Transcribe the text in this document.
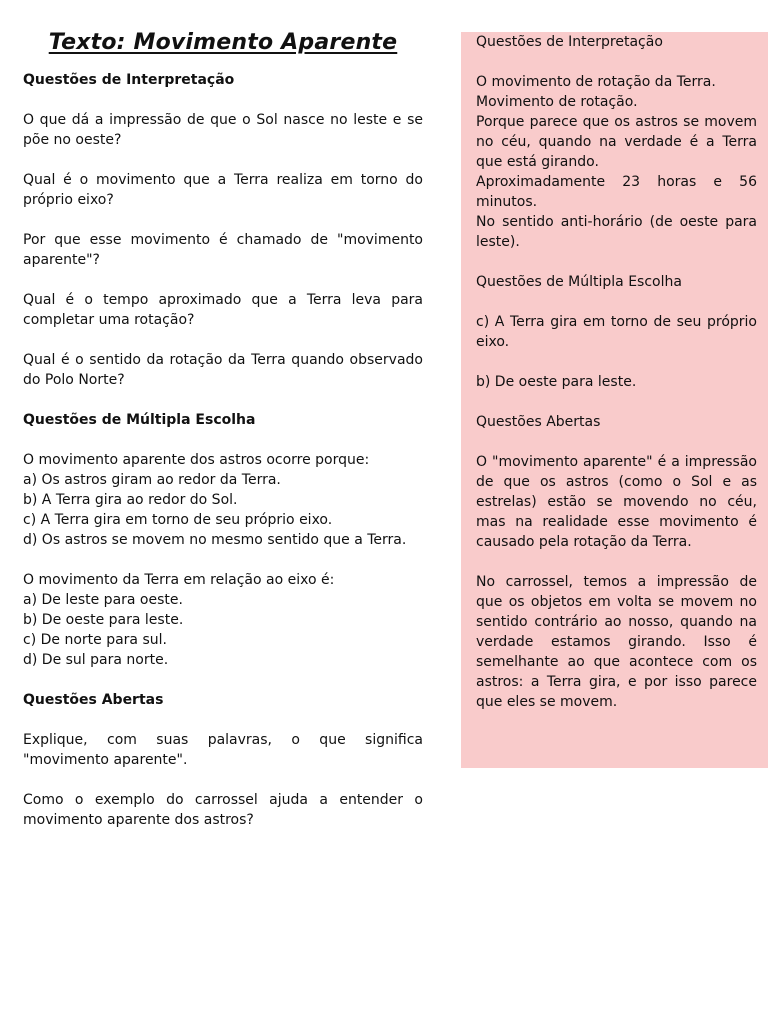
Texto: Movimento Aparente

Questões de Interpretação

O que dá a impressão de que o Sol nasce no leste e se põe no oeste?

Qual é o movimento que a Terra realiza em torno do próprio eixo?

Por que esse movimento é chamado de "movimento aparente"?

Qual é o tempo aproximado que a Terra leva para completar uma rotação?

Qual é o sentido da rotação da Terra quando observado do Polo Norte?

Questões de Múltipla Escolha

O movimento aparente dos astros ocorre porque:

a) Os astros giram ao redor da Terra.
b) A Terra gira ao redor do Sol.
c) A Terra gira em torno de seu próprio eixo.
d) Os astros se movem no mesmo sentido que a Terra.

O movimento da Terra em relação ao eixo é:

a) De leste para oeste.
b) De oeste para leste.
c) De norte para sul.
d) De sul para norte.

Questões Abertas

Explique, com suas palavras, o que significa "movimento aparente".

Como o exemplo do carrossel ajuda a entender o movimento aparente dos astros?

Questões de Interpretação

O movimento de rotação da Terra.

Movimento de rotação.

Porque parece que os astros se movem no céu, quando na verdade é a Terra que está girando.

Aproximadamente 23 horas e 56 minutos.

No sentido anti-horário (de oeste para leste).

Questões de Múltipla Escolha

c) A Terra gira em torno de seu próprio eixo.

b) De oeste para leste.

Questões Abertas

O "movimento aparente" é a impressão de que os astros (como o Sol e as estrelas) estão se movendo no céu, mas na realidade esse movimento é causado pela rotação da Terra.

No carrossel, temos a impressão de que os objetos em volta se movem no sentido contrário ao nosso, quando na verdade estamos girando. Isso é semelhante ao que acontece com os astros: a Terra gira, e por isso parece que eles se movem.
